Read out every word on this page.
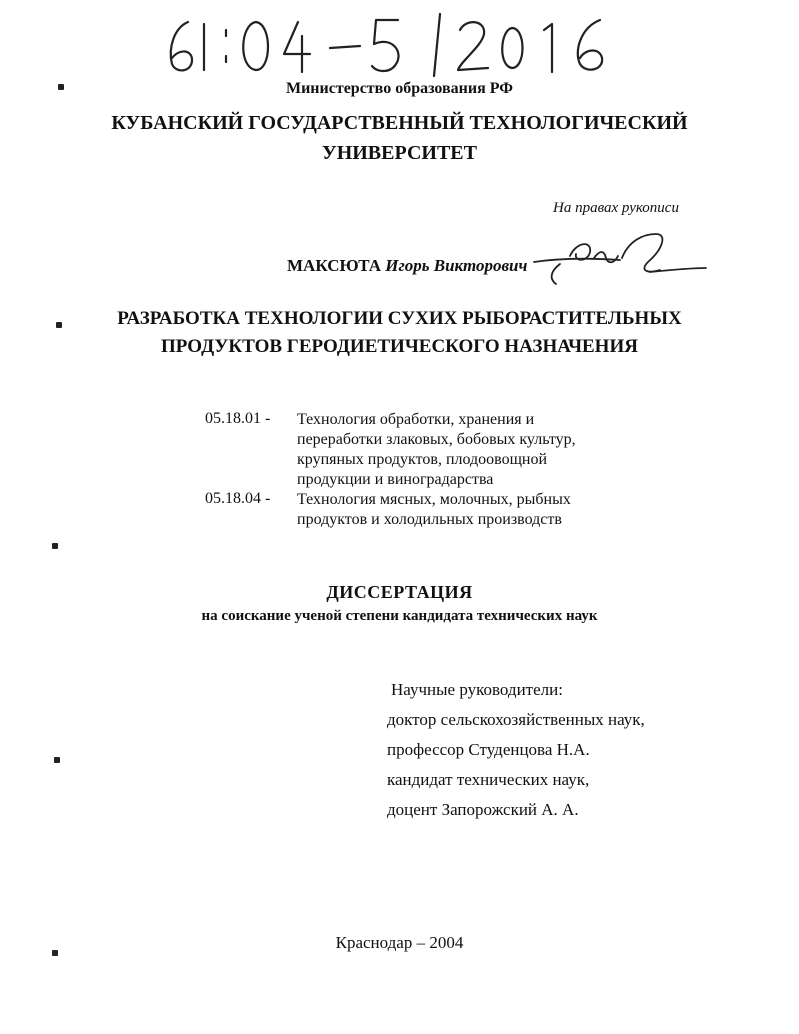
Министерство образования РФ
КУБАНСКИЙ ГОСУДАРСТВЕННЫЙ ТЕХНОЛОГИЧЕСКИЙ
УНИВЕРСИТЕТ
На правах рукописи
МАКСЮТА Игорь Викторович
РАЗРАБОТКА ТЕХНОЛОГИИ СУХИХ РЫБОРАСТИТЕЛЬНЫХ
ПРОДУКТОВ ГЕРОДИЕТИЧЕСКОГО НАЗНАЧЕНИЯ
05.18.01 - Технология обработки, хранения и
переработки злаковых, бобовых культур,
крупяных продуктов, плодоовощной
продукции и виноградарства
05.18.04 - Технология мясных, молочных, рыбных
продуктов и холодильных производств
ДИССЕРТАЦИЯ
на соискание ученой степени кандидата технических наук
Научные руководители:
доктор сельскохозяйственных наук,
профессор Студенцова Н.А.
кандидат технических наук,
доцент Запорожский А. А.
Краснодар – 2004
